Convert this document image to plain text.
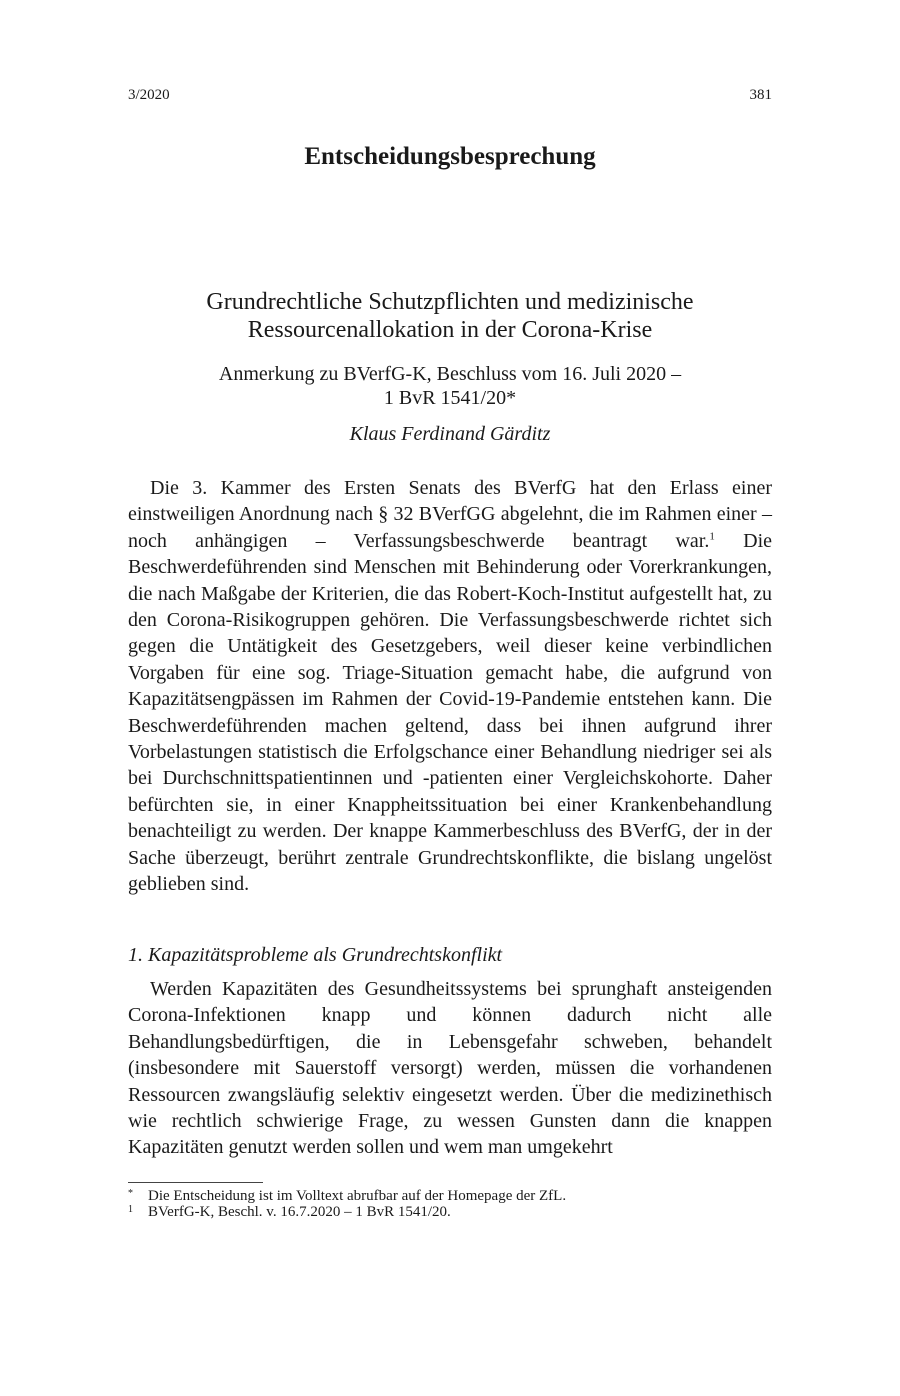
3/2020	381
Entscheidungsbesprechung
Grundrechtliche Schutzpflichten und medizinische
Ressourcenallokation in der Corona-Krise
Anmerkung zu BVerfG-K, Beschluss vom 16. Juli 2020 –
1 BvR 1541/20*
Klaus Ferdinand Gärditz

Die 3. Kammer des Ersten Senats des BVerfG hat den Erlass einer einstweiligen Anordnung nach § 32 BVerfGG abgelehnt, die im Rahmen einer – noch anhängigen – Verfassungsbeschwerde beantragt war.$^1$ Die Beschwerdeführenden sind Menschen mit Behinderung oder Vorerkrankungen, die nach Maßgabe der Kriterien, die das Robert-Koch-Institut aufgestellt hat, zu den Corona-Risikogruppen gehören. Die Verfassungsbeschwerde richtet sich gegen die Untätigkeit des Gesetzgebers, weil dieser keine verbindlichen Vorgaben für eine sog. Triage-Situation gemacht habe, die aufgrund von Kapazitätsengpässen im Rahmen der Covid-19-Pandemie entstehen kann. Die Beschwerdeführenden machen geltend, dass bei ihnen aufgrund ihrer Vorbelastungen statistisch die Erfolgschance einer Behandlung niedriger sei als bei Durchschnittspatientinnen und -patienten einer Vergleichskohorte. Daher befürchten sie, in einer Knappheitssituation bei einer Krankenbehandlung benachteiligt zu werden. Der knappe Kammerbeschluss des BVerfG, der in der Sache überzeugt, berührt zentrale Grundrechtskonflikte, die bislang ungelöst geblieben sind.

1. Kapazitätsprobleme als Grundrechtskonflikt

Werden Kapazitäten des Gesundheitssystems bei sprunghaft ansteigenden Corona-Infektionen knapp und können dadurch nicht alle Behandlungsbedürftigen, die in Lebensgefahr schweben, behandelt (insbesondere mit Sauerstoff versorgt) werden, müssen die vorhandenen Ressourcen zwangsläufig selektiv eingesetzt werden. Über die medizinethisch wie rechtlich schwierige Frage, zu wessen Gunsten dann die knappen Kapazitäten genutzt werden sollen und wem man umgekehrt

*	Die Entscheidung ist im Volltext abrufbar auf der Homepage der ZfL.
1	BVerfG-K, Beschl. v. 16.7.2020 – 1 BvR 1541/20.
